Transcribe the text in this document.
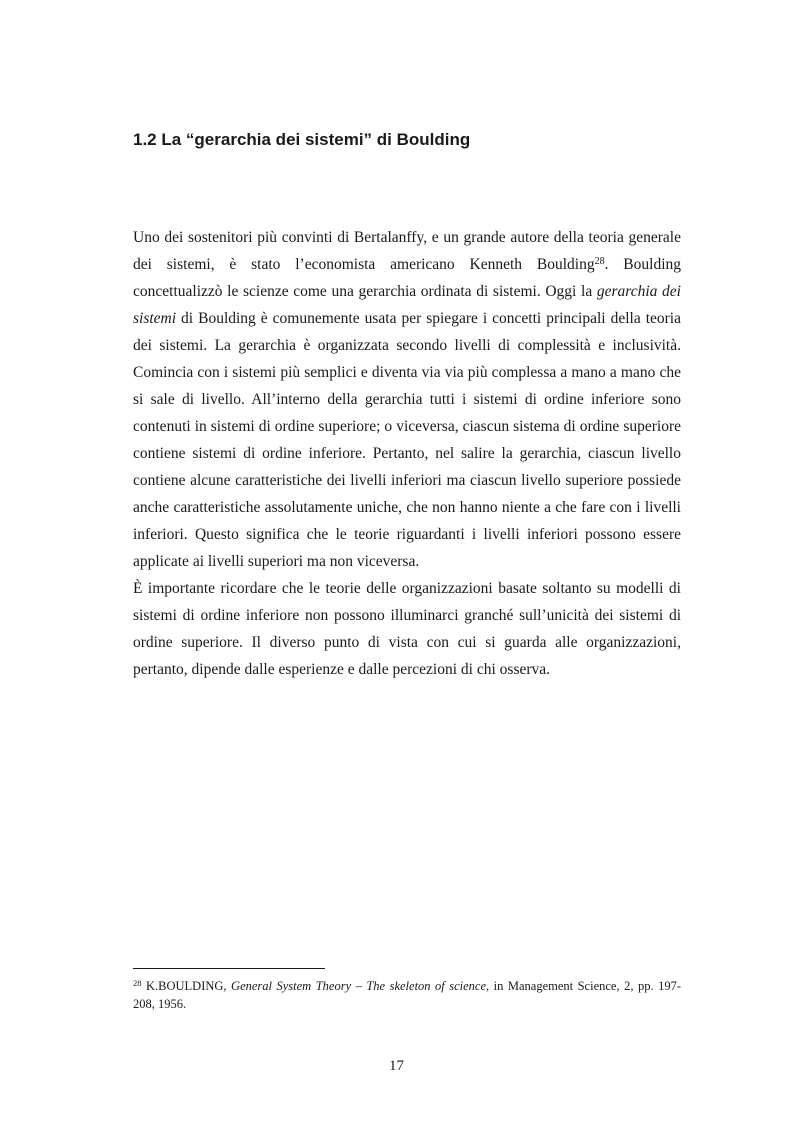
1.2 La “gerarchia dei sistemi” di Boulding

Uno dei sostenitori più convinti di Bertalanffy, e un grande autore della teoria generale dei sistemi, è stato l’economista americano Kenneth Boulding$^{28}$. Boulding concettualizzò le scienze come una gerarchia ordinata di sistemi. Oggi la gerarchia dei sistemi di Boulding è comunemente usata per spiegare i concetti principali della teoria dei sistemi. La gerarchia è organizzata secondo livelli di complessità e inclusività. Comincia con i sistemi più semplici e diventa via via più complessa a mano a mano che si sale di livello. All’interno della gerarchia tutti i sistemi di ordine inferiore sono contenuti in sistemi di ordine superiore; o viceversa, ciascun sistema di ordine superiore contiene sistemi di ordine inferiore. Pertanto, nel salire la gerarchia, ciascun livello contiene alcune caratteristiche dei livelli inferiori ma ciascun livello superiore possiede anche caratteristiche assolutamente uniche, che non hanno niente a che fare con i livelli inferiori. Questo significa che le teorie riguardanti i livelli inferiori possono essere applicate ai livelli superiori ma non viceversa.

È importante ricordare che le teorie delle organizzazioni basate soltanto su modelli di sistemi di ordine inferiore non possono illuminarci granché sull’unicità dei sistemi di ordine superiore. Il diverso punto di vista con cui si guarda alle organizzazioni, pertanto, dipende dalle esperienze e dalle percezioni di chi osserva.

$^{28}$ K.BOULDING, General System Theory – The skeleton of science, in Management Science, 2, pp. 197-208, 1956.

17
